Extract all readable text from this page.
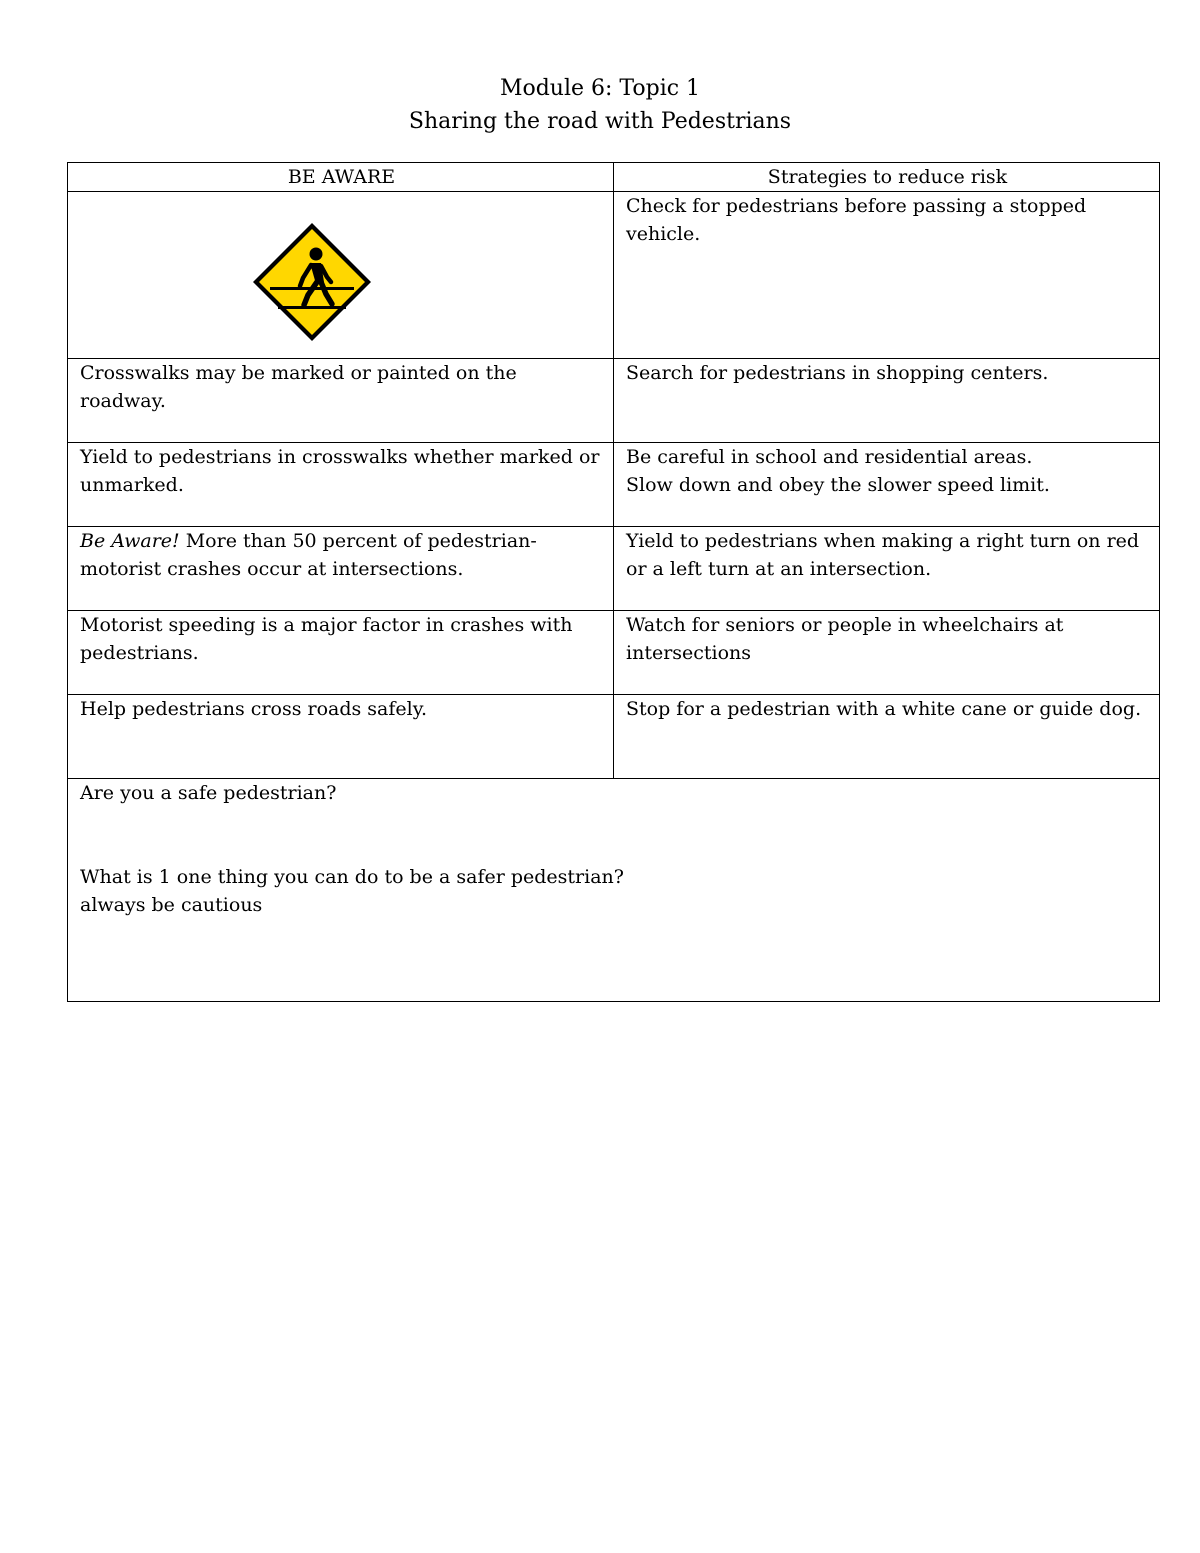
Module 6: Topic 1
Sharing the road with Pedestrians
BE AWARE	Strategies to reduce risk

	Check for pedestrians before passing a stopped vehicle.
Crosswalks may be marked or painted on the roadway.	Search for pedestrians in shopping centers.
Yield to pedestrians in crosswalks whether marked or unmarked.	Be careful in school and residential areas.
Slow down and obey the slower speed limit.

Be Aware! More than 50 percent of pedestrian-motorist crashes occur at intersections.	Yield to pedestrians when making a right turn on red or a left turn at an intersection.
Motorist speeding is a major factor in crashes with pedestrians.	Watch for seniors or people in wheelchairs at intersections
Help pedestrians cross roads safely.	Stop for a pedestrian with a white cane or guide dog.

Are you a safe pedestrian?
What is 1 one thing you can do to be a safer pedestrian?
always be cautious	
